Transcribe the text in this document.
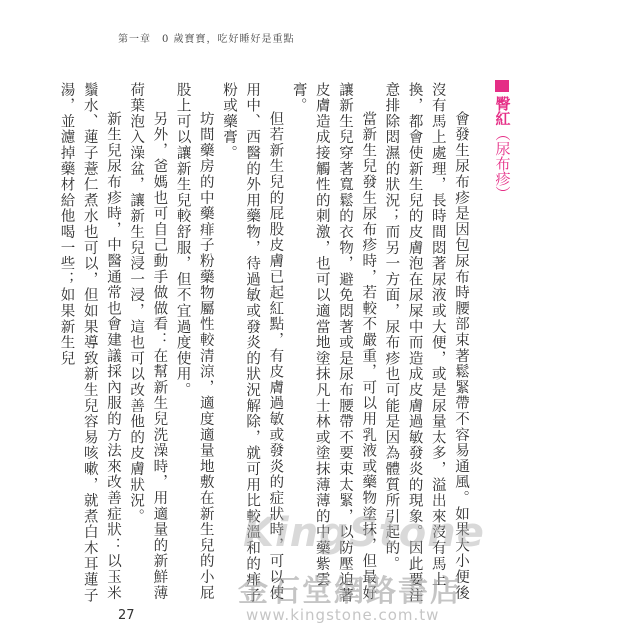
第一章　0 歲寶寶，吃好睡好是重點
臀紅
（尿布疹）

會發生尿布疹是因包尿布時腰部束著鬆緊帶不容易通風。如果大小便後沒有馬上處理，長時間悶著尿液或大便，或是尿量太多，溢出來沒有馬上換，都會使新生兒的皮膚泡在尿屎中而造成皮膚過敏發炎的現象。因此要注意排除悶濕的狀況；而另一方面，尿布疹也可能是因為體質所引起的。

當新生兒發生尿布疹時，若較不嚴重，可以用乳液或藥物塗抹，但最好讓新生兒穿著寬鬆的衣物，避免悶著或是尿布腰帶不要束太緊，以防壓迫著皮膚造成接觸性的刺激，也可以適當地塗抹凡士林或塗抹薄薄的中藥紫雲膏。

但若新生兒的屁股皮膚已起紅點，有皮膚過敏或發炎的症狀時，可以使用中、西醫的外用藥物，待過敏或發炎的狀況解除，就可用比較溫和的痱子粉或藥膏。

坊間藥房的中藥痱子粉藥物屬性較清涼，適度適量地敷在新生兒的小屁股上可以讓新生兒較舒服，但不宜過度使用。

另外，爸媽也可自己動手做做看：在幫新生兒洗澡時，用適量的新鮮薄荷葉泡入澡盆，讓新生兒浸一浸，這也可以改善他的皮膚狀況。

新生兒尿布疹時，中醫通常也會建議採內服的方法來改善症狀：以玉米鬚水、蓮子薏仁煮水也可以，但如果導致新生兒容易咳嗽，就煮白木耳蓮子湯，並濾掉藥材給他喝一些；如果新生兒

27
KingStone
金石堂網路書店
www.kingstone.com.tw
